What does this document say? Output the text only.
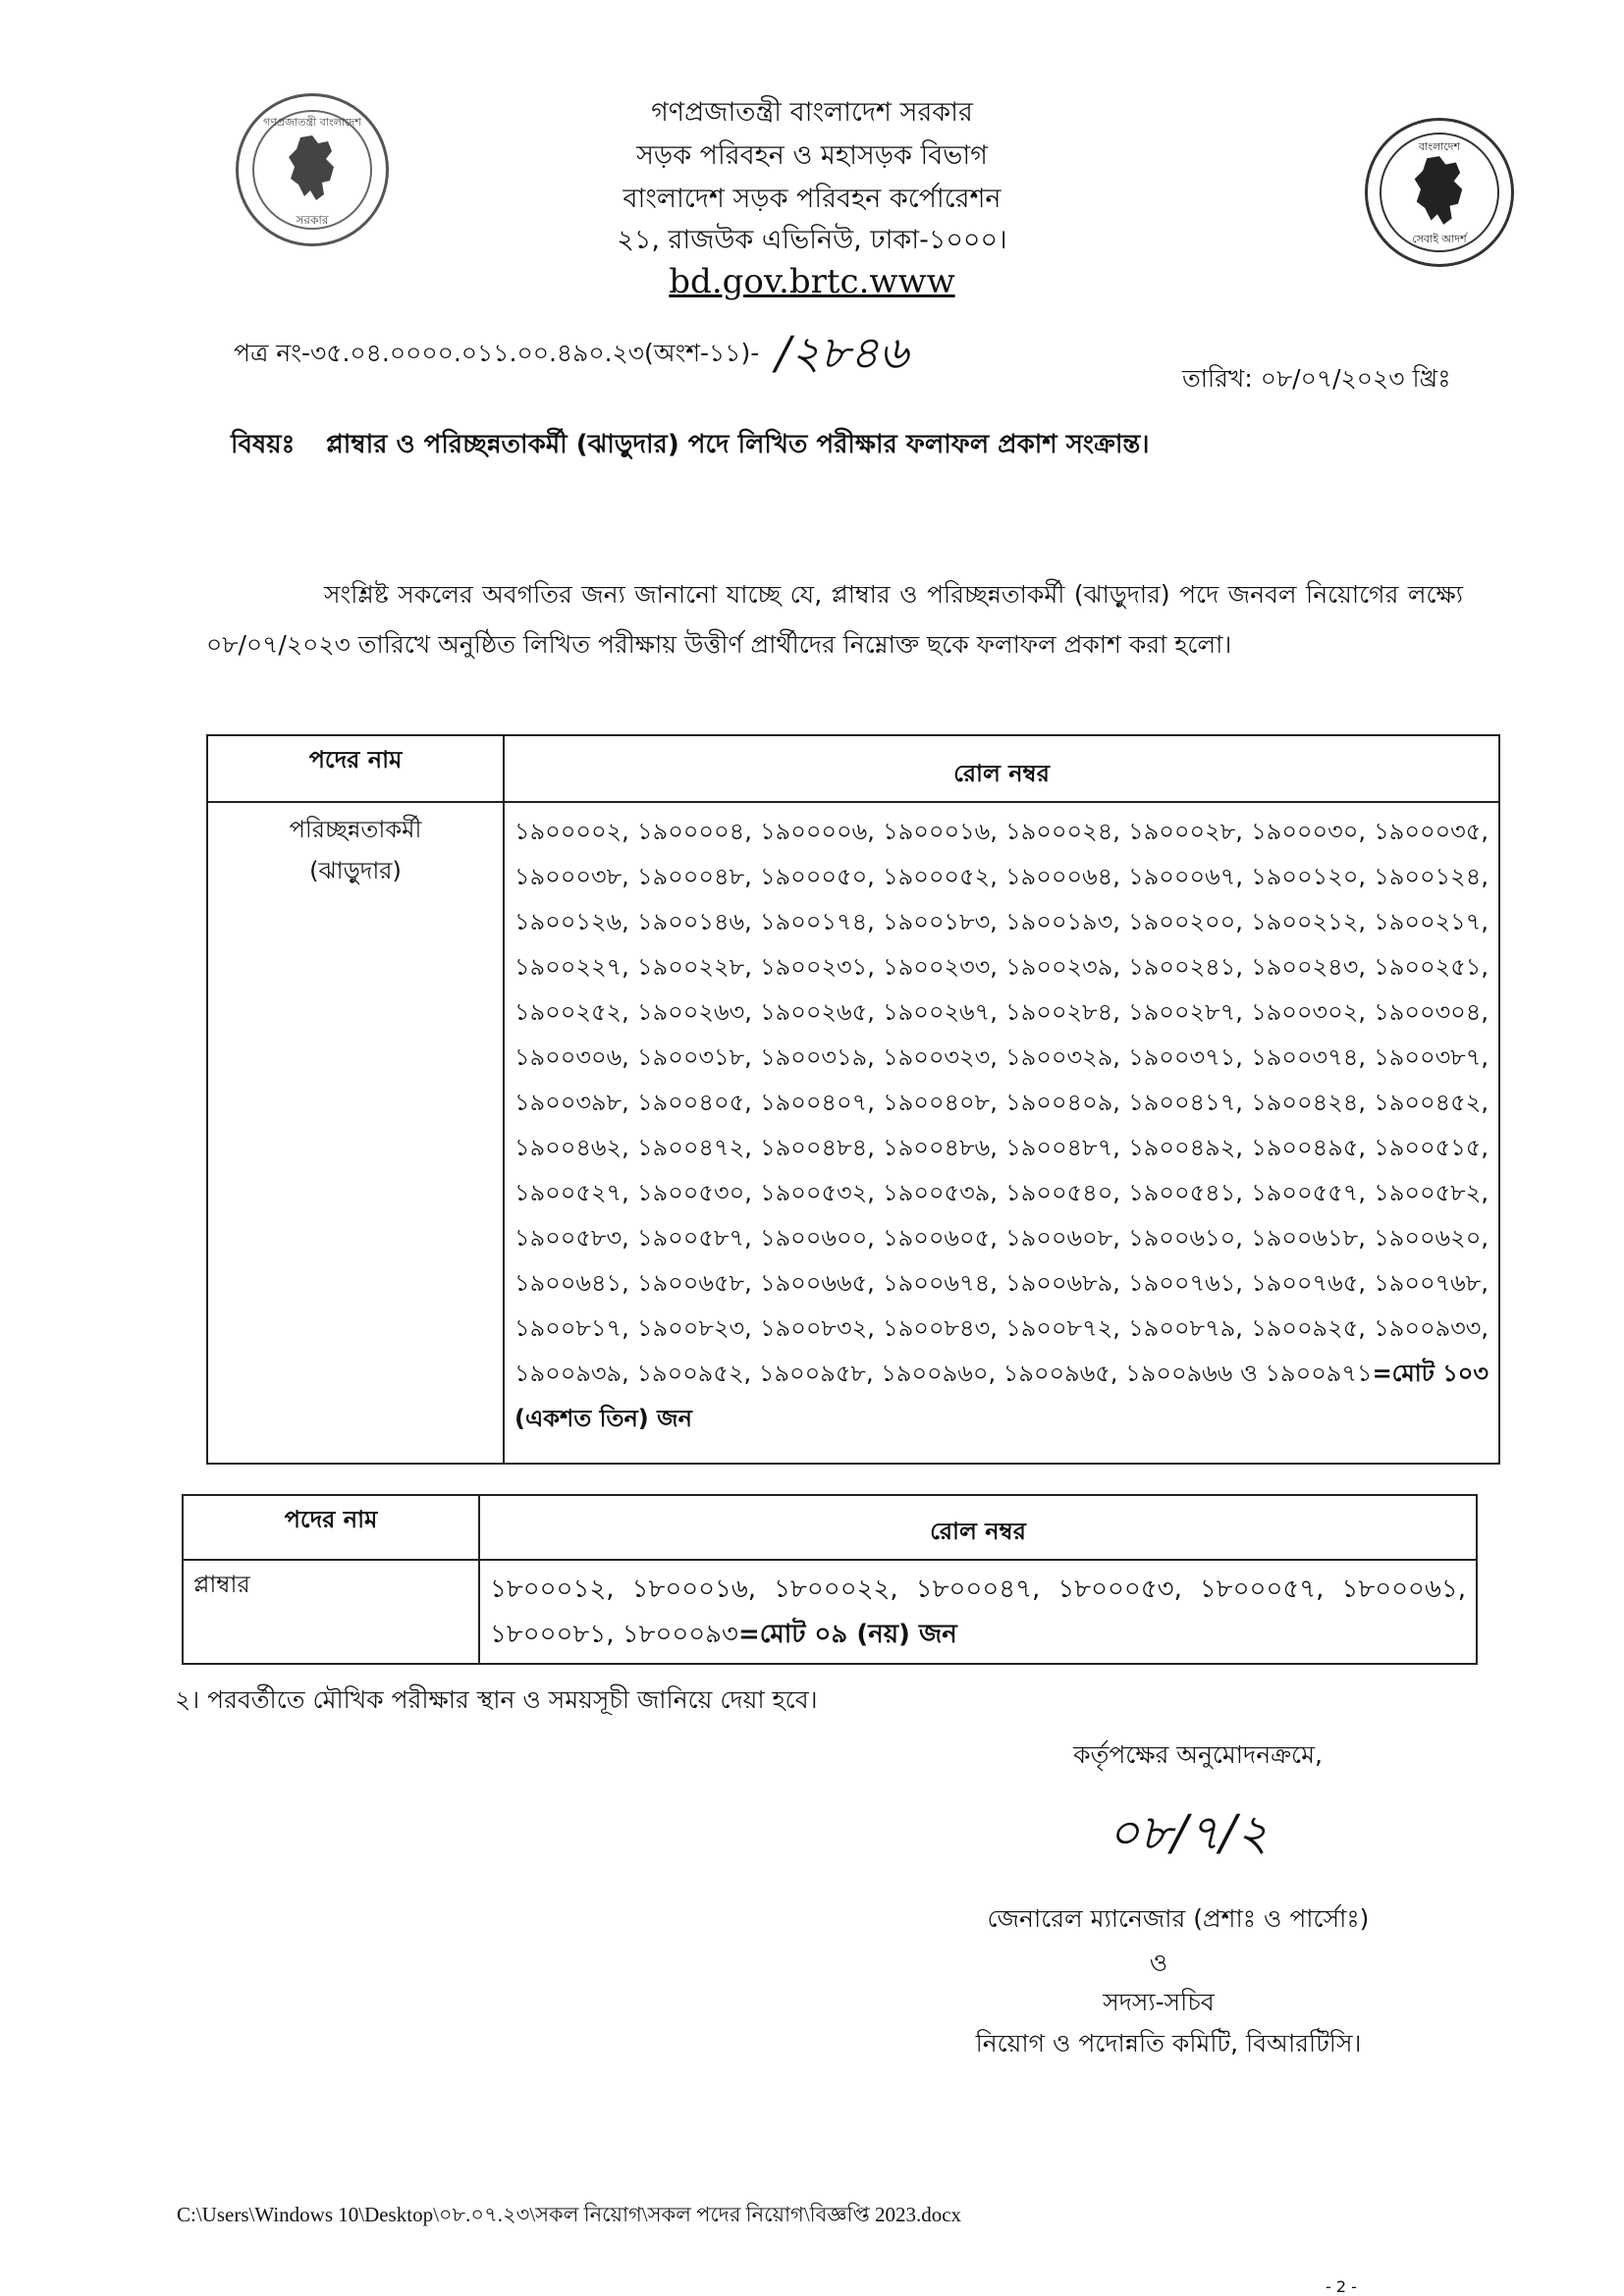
গণপ্রজাতন্ত্রী বাংলাদেশ
সরকার
বাংলাদেশ
সেবাই আদর্শ
গণপ্রজাতন্ত্রী বাংলাদেশ সরকার
সড়ক পরিবহন ও মহাসড়ক বিভাগ
বাংলাদেশ সড়ক পরিবহন কর্পোরেশন
২১, রাজউক এভিনিউ, ঢাকা-১০০০।
bd.gov.brtc.www
পত্র নং-৩৫.০৪.০০০০.০১১.০০.৪৯০.২৩(অংশ-১১)- /২৮৪৬	তারিখ: ০৮/০৭/২০২৩ খ্রিঃ
বিষয়ঃ প্লাম্বার ও পরিচ্ছন্নতাকর্মী (ঝাড়ুদার) পদে লিখিত পরীক্ষার ফলাফল প্রকাশ সংক্রান্ত।
সংশ্লিষ্ট সকলের অবগতির জন্য জানানো যাচ্ছে যে, প্লাম্বার ও পরিচ্ছন্নতাকর্মী (ঝাড়ুদার) পদে জনবল নিয়োগের লক্ষ্যে ০৮/০৭/২০২৩ তারিখে অনুষ্ঠিত লিখিত পরীক্ষায় উত্তীর্ণ প্রার্থীদের নিম্নোক্ত ছকে ফলাফল প্রকাশ করা হলো।
পদের নাম	রোল নম্বর

পরিচ্ছন্নতাকর্মী
(ঝাড়ুদার)	১৯০০০০২, ১৯০০০০৪, ১৯০০০০৬, ১৯০০০১৬, ১৯০০০২৪, ১৯০০০২৮, ১৯০০০৩০, ১৯০০০৩৫, ১৯০০০৩৮, ১৯০০০৪৮, ১৯০০০৫০, ১৯০০০৫২, ১৯০০০৬৪, ১৯০০০৬৭, ১৯০০১২০, ১৯০০১২৪, ১৯০০১২৬, ১৯০০১৪৬, ১৯০০১৭৪, ১৯০০১৮৩, ১৯০০১৯৩, ১৯০০২০০, ১৯০০২১২, ১৯০০২১৭, ১৯০০২২৭, ১৯০০২২৮, ১৯০০২৩১, ১৯০০২৩৩, ১৯০০২৩৯, ১৯০০২৪১, ১৯০০২৪৩, ১৯০০২৫১, ১৯০০২৫২, ১৯০০২৬৩, ১৯০০২৬৫, ১৯০০২৬৭, ১৯০০২৮৪, ১৯০০২৮৭, ১৯০০৩০২, ১৯০০৩০৪, ১৯০০৩০৬, ১৯০০৩১৮, ১৯০০৩১৯, ১৯০০৩২৩, ১৯০০৩২৯, ১৯০০৩৭১, ১৯০০৩৭৪, ১৯০০৩৮৭, ১৯০০৩৯৮, ১৯০০৪০৫, ১৯০০৪০৭, ১৯০০৪০৮, ১৯০০৪০৯, ১৯০০৪১৭, ১৯০০৪২৪, ১৯০০৪৫২, ১৯০০৪৬২, ১৯০০৪৭২, ১৯০০৪৮৪, ১৯০০৪৮৬, ১৯০০৪৮৭, ১৯০০৪৯২, ১৯০০৪৯৫, ১৯০০৫১৫, ১৯০০৫২৭, ১৯০০৫৩০, ১৯০০৫৩২, ১৯০০৫৩৯, ১৯০০৫৪০, ১৯০০৫৪১, ১৯০০৫৫৭, ১৯০০৫৮২, ১৯০০৫৮৩, ১৯০০৫৮৭, ১৯০০৬০০, ১৯০০৬০৫, ১৯০০৬০৮, ১৯০০৬১০, ১৯০০৬১৮, ১৯০০৬২০, ১৯০০৬৪১, ১৯০০৬৫৮, ১৯০০৬৬৫, ১৯০০৬৭৪, ১৯০০৬৮৯, ১৯০০৭৬১, ১৯০০৭৬৫, ১৯০০৭৬৮, ১৯০০৮১৭, ১৯০০৮২৩, ১৯০০৮৩২, ১৯০০৮৪৩, ১৯০০৮৭২, ১৯০০৮৭৯, ১৯০০৯২৫, ১৯০০৯৩৩, ১৯০০৯৩৯, ১৯০০৯৫২, ১৯০০৯৫৮, ১৯০০৯৬০, ১৯০০৯৬৫, ১৯০০৯৬৬ ও ১৯০০৯৭১=মোট ১০৩ (একশত তিন) জন
পদের নাম	রোল নম্বর

প্লাম্বার	১৮০০০১২, ১৮০০০১৬, ১৮০০০২২, ১৮০০০৪৭, ১৮০০০৫৩, ১৮০০০৫৭, ১৮০০০৬১, ১৮০০০৮১, ১৮০০০৯৩=মোট ০৯ (নয়) জন
২। পরবর্তীতে মৌখিক পরীক্ষার স্থান ও সময়সূচী জানিয়ে দেয়া হবে।
কর্তৃপক্ষের অনুমোদনক্রমে,
০৮/৭/২
জেনারেল ম্যানেজার (প্রশাঃ ও পার্সোঃ)
ও
সদস্য-সচিব
নিয়োগ ও পদোন্নতি কমিটি, বিআরটিসি।
C:\Users\Windows 10\Desktop\০৮.০৭.২৩\সকল নিয়োগ\সকল পদের নিয়োগ\বিজ্ঞপ্তি 2023.docx
- 2 -
